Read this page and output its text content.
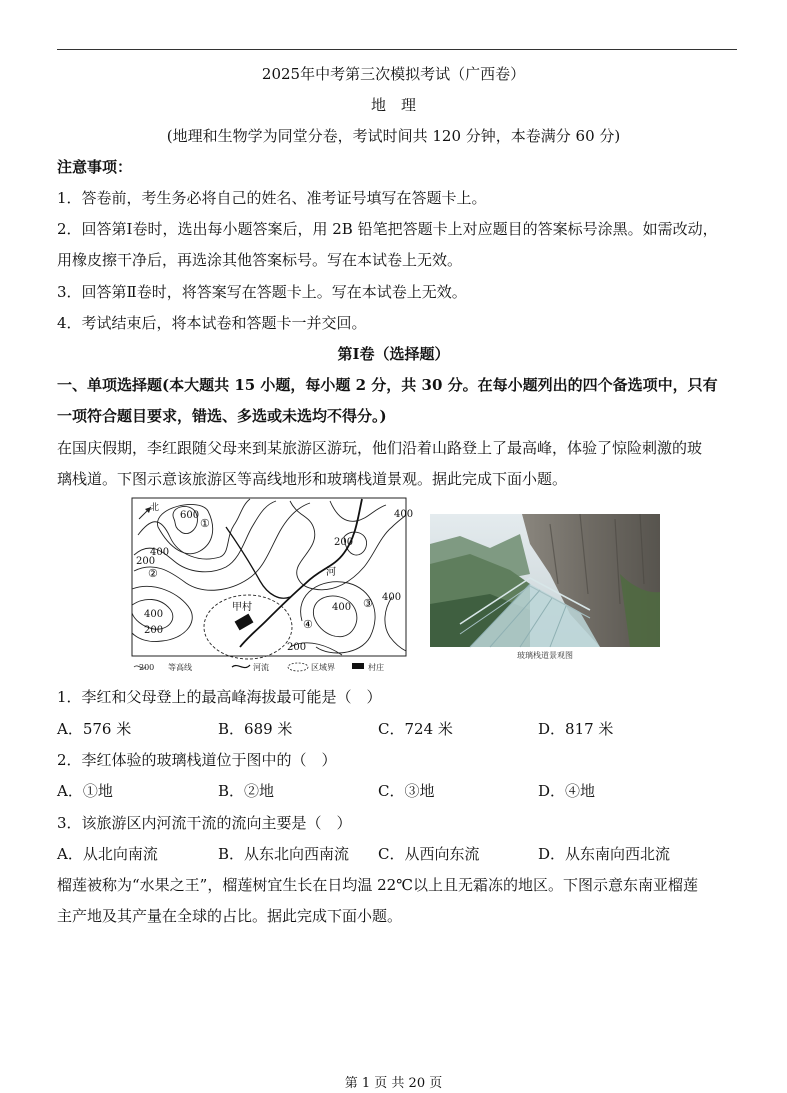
2025年中考第三次模拟考试（广西卷）
地　理
(地理和生物学为同堂分卷，考试时间共 120 分钟，本卷满分 60 分)
注意事项：
1．答卷前，考生务必将自己的姓名、准考证号填写在答题卡上。
2．回答第Ⅰ卷时，选出每小题答案后，用 2B 铅笔把答题卡上对应题目的答案标号涂黑。如需改动，
用橡皮擦干净后，再选涂其他答案标号。写在本试卷上无效。
3．回答第Ⅱ卷时，将答案写在答题卡上。写在本试卷上无效。
4．考试结束后，将本试卷和答题卡一并交回。
第Ⅰ卷（选择题）
一、单项选择题(本大题共 15 小题，每小题 2 分，共 30 分。在每小题列出的四个备选项中，只有
一项符合题目要求，错选、多选或未选均不得分。)
在国庆假期，李红跟随父母来到某旅游区游玩，他们沿着山路登上了最高峰，体验了惊险刺激的玻
璃栈道。下图示意该旅游区等高线地形和玻璃栈道景观。据此完成下面小题。
北
600
400
200
400
200
400
200
400
200
400
河
甲村
①
②
③
④
200 等高线	河流	区域界	村庄
玻璃栈道景观图
1．李红和父母登上的最高峰海拔最可能是（　）
A．576 米	B．689 米	C．724 米	D．817 米
2．李红体验的玻璃栈道位于图中的（　）
A．①地	B．②地	C．③地	D．④地
3．该旅游区内河流干流的流向主要是（　）
A．从北向南流	B．从东北向西南流 C．从西向东流	D．从东南向西北流
榴莲被称为“水果之王”，榴莲树宜生长在日均温 22℃以上且无霜冻的地区。下图示意东南亚榴莲
主产地及其产量在全球的占比。据此完成下面小题。
第 1 页 共 20 页
